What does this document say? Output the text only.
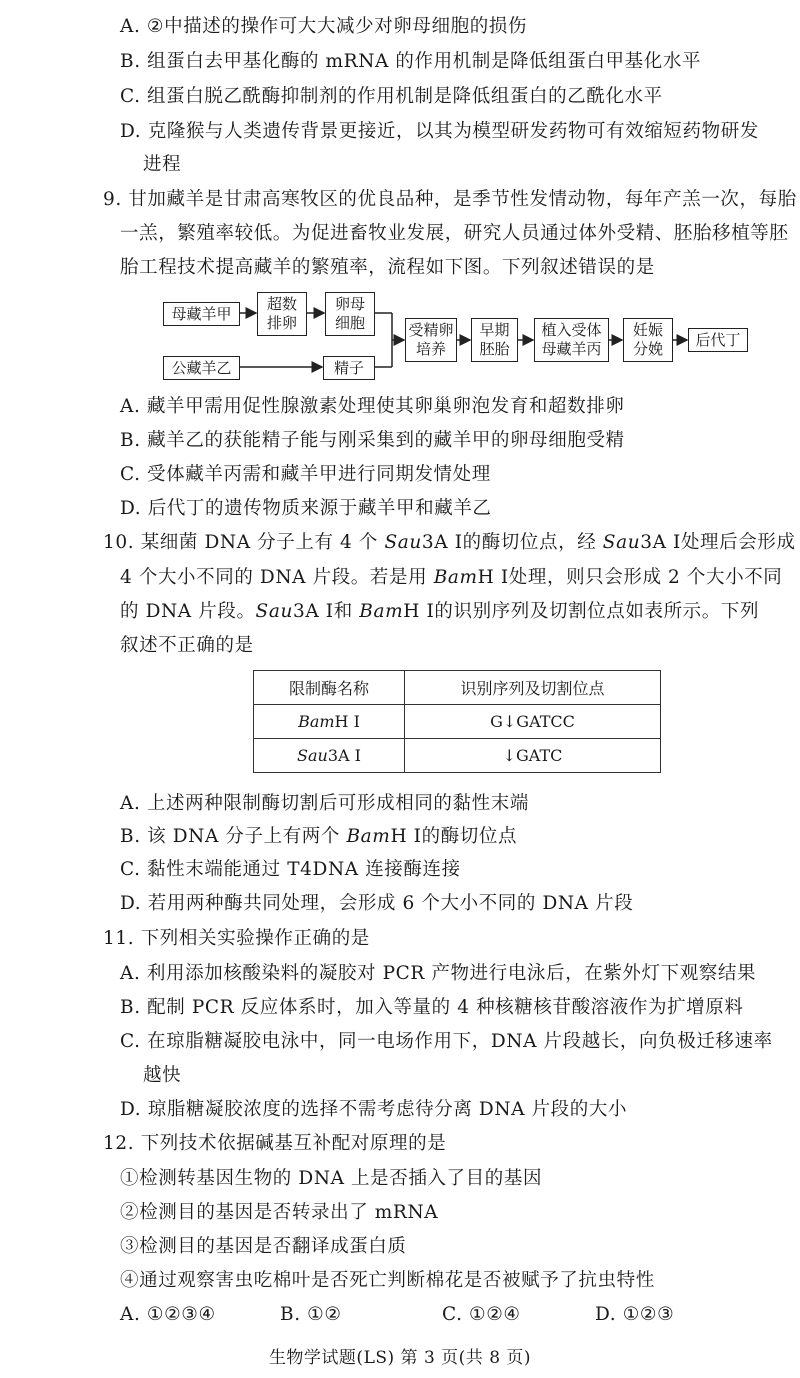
A. ②中描述的操作可大大减少对卵母细胞的损伤
B. 组蛋白去甲基化酶的 mRNA 的作用机制是降低组蛋白甲基化水平
C. 组蛋白脱乙酰酶抑制剂的作用机制是降低组蛋白的乙酰化水平
D. 克隆猴与人类遗传背景更接近，以其为模型研发药物可有效缩短药物研发
进程
9. 甘加藏羊是甘肃高寒牧区的优良品种，是季节性发情动物，每年产羔一次，每胎
一羔，繁殖率较低。为促进畜牧业发展，研究人员通过体外受精、胚胎移植等胚
胎工程技术提高藏羊的繁殖率，流程如下图。下列叙述错误的是
母藏羊甲
超数
排卵
卵母
细胞	受精卵
培养
早期
胚胎
植入受体
母藏羊丙
妊娠
分娩
后代丁
公藏羊乙	精子
A. 藏羊甲需用促性腺激素处理使其卵巢卵泡发育和超数排卵
B. 藏羊乙的获能精子能与刚采集到的藏羊甲的卵母细胞受精
C. 受体藏羊丙需和藏羊甲进行同期发情处理
D. 后代丁的遗传物质来源于藏羊甲和藏羊乙
10. 某细菌 DNA 分子上有 4 个 Sau3A Ⅰ的酶切位点，经 Sau3A Ⅰ处理后会形成
4 个大小不同的 DNA 片段。若是用 BamH Ⅰ处理，则只会形成 2 个大小不同
的 DNA 片段。Sau3A Ⅰ和 BamH Ⅰ的识别序列及切割位点如表所示。下列
叙述不正确的是
限制酶名称	识别序列及切割位点
BamH Ⅰ	G↓GATCC
Sau3A Ⅰ	↓GATC
A. 上述两种限制酶切割后可形成相同的黏性末端
B. 该 DNA 分子上有两个 BamH Ⅰ的酶切位点
C. 黏性末端能通过 T4DNA 连接酶连接
D. 若用两种酶共同处理，会形成 6 个大小不同的 DNA 片段
11. 下列相关实验操作正确的是
A. 利用添加核酸染料的凝胶对 PCR 产物进行电泳后，在紫外灯下观察结果
B. 配制 PCR 反应体系时，加入等量的 4 种核糖核苷酸溶液作为扩增原料
C. 在琼脂糖凝胶电泳中，同一电场作用下，DNA 片段越长，向负极迁移速率
越快
D. 琼脂糖凝胶浓度的选择不需考虑待分离 DNA 片段的大小
12. 下列技术依据碱基互补配对原理的是
①检测转基因生物的 DNA 上是否插入了目的基因
②检测目的基因是否转录出了 mRNA
③检测目的基因是否翻译成蛋白质
④通过观察害虫吃棉叶是否死亡判断棉花是否被赋予了抗虫特性
A. ①②③④	B. ①②	C. ①②④	D. ①②③
生物学试题(LS) 第 3 页(共 8 页)
